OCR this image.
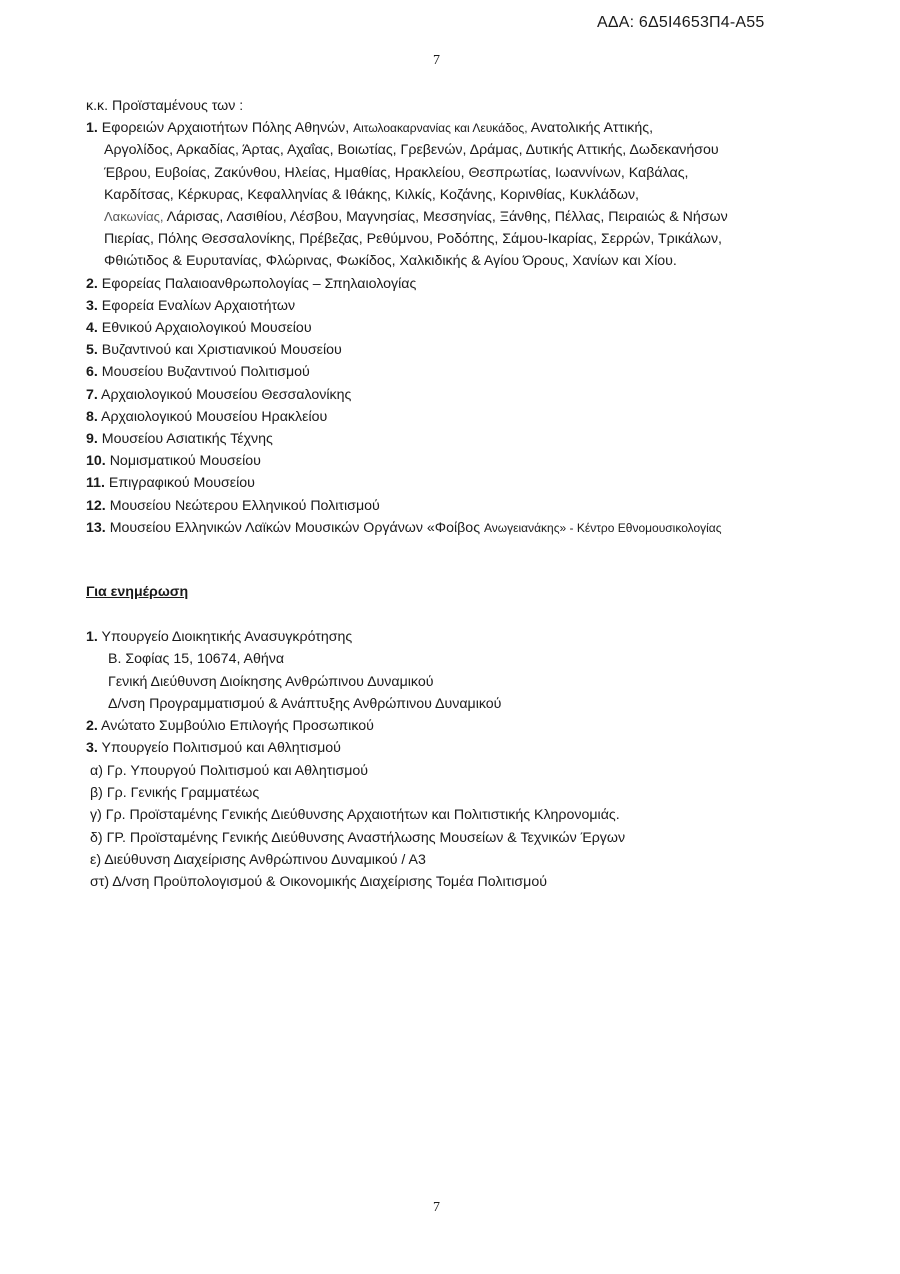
ΑΔΑ: 6Δ5Ι4653Π4-Α55
7
κ.κ. Προϊσταμένους των :
1. Εφορειών Αρχαιοτήτων Πόλης Αθηνών, Αιτωλοακαρνανίας και Λευκάδος, Ανατολικής Αττικής,
Αργολίδος, Αρκαδίας, Άρτας, Αχαΐας, Βοιωτίας, Γρεβενών, Δράμας, Δυτικής Αττικής, Δωδεκανήσου
Έβρου, Ευβοίας, Ζακύνθου, Ηλείας, Ημαθίας, Ηρακλείου, Θεσπρωτίας, Ιωαννίνων, Καβάλας,
Καρδίτσας, Κέρκυρας, Κεφαλληνίας & Ιθάκης, Κιλκίς, Κοζάνης, Κορινθίας, Κυκλάδων,
Λακωνίας, Λάρισας, Λασιθίου, Λέσβου, Μαγνησίας, Μεσσηνίας, Ξάνθης, Πέλλας, Πειραιώς & Νήσων
Πιερίας, Πόλης Θεσσαλονίκης, Πρέβεζας, Ρεθύμνου, Ροδόπης, Σάμου-Ικαρίας, Σερρών, Τρικάλων,
Φθιώτιδος & Ευρυτανίας, Φλώρινας, Φωκίδος, Χαλκιδικής & Αγίου Όρους, Χανίων και Χίου.
2. Εφορείας Παλαιοανθρωπολογίας – Σπηλαιολογίας
3. Εφορεία Εναλίων Αρχαιοτήτων
4. Εθνικού Αρχαιολογικού Μουσείου
5. Βυζαντινού και Χριστιανικού Μουσείου
6. Μουσείου Βυζαντινού Πολιτισμού
7. Αρχαιολογικού Μουσείου Θεσσαλονίκης
8. Αρχαιολογικού Μουσείου Ηρακλείου
9. Μουσείου Ασιατικής Τέχνης
10. Νομισματικού Μουσείου
11. Επιγραφικού Μουσείου
12. Μουσείου Νεώτερου Ελληνικού Πολιτισμού
13. Μουσείου Ελληνικών Λαϊκών Μουσικών Οργάνων «Φοίβος Ανωγειανάκης» - Κέντρο Εθνομουσικολογίας
Για ενημέρωση
1. Υπουργείο Διοικητικής Ανασυγκρότησης
Β. Σοφίας 15, 10674, Αθήνα
Γενική Διεύθυνση Διοίκησης Ανθρώπινου Δυναμικού
Δ/νση Προγραμματισμού & Ανάπτυξης Ανθρώπινου Δυναμικού
2. Ανώτατο Συμβούλιο Επιλογής Προσωπικού
3. Υπουργείο Πολιτισμού και Αθλητισμού
α) Γρ. Υπουργού Πολιτισμού και Αθλητισμού
β) Γρ. Γενικής Γραμματέως
γ) Γρ. Προϊσταμένης Γενικής Διεύθυνσης Αρχαιοτήτων και Πολιτιστικής Κληρονομιάς.
δ) ΓΡ. Προϊσταμένης Γενικής Διεύθυνσης Αναστήλωσης Μουσείων & Τεχνικών Έργων
ε) Διεύθυνση Διαχείρισης Ανθρώπινου Δυναμικού / Α3
στ) Δ/νση Προϋπολογισμού & Οικονομικής Διαχείρισης Τομέα Πολιτισμού
7
